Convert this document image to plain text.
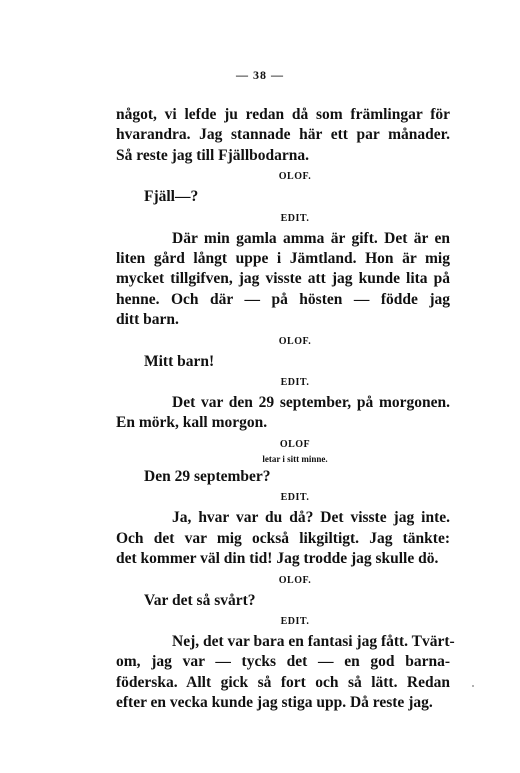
— 38 —
något, vi lefde ju redan då som främlingar för
hvarandra. Jag stannade här ett par månader.
Så reste jag till Fjällbodarna.
OLOF.
Fjäll—?
EDIT.
Där min gamla amma är gift. Det är en
liten gård långt uppe i Jämtland. Hon är mig
mycket tillgifven, jag visste att jag kunde lita på
henne. Och där — på hösten — födde jag
ditt barn.
OLOF.
Mitt barn!
EDIT.
Det var den 29 september, på morgonen.
En mörk, kall morgon.
OLOF
letar i sitt minne.
Den 29 september?
EDIT.
Ja, hvar var du då? Det visste jag inte.
Och det var mig också likgiltigt. Jag tänkte:
det kommer väl din tid! Jag trodde jag skulle dö.
OLOF.
Var det så svårt?
EDIT.
Nej, det var bara en fantasi jag fått. Tvärt-
om, jag var — tycks det — en god barna-
föderska. Allt gick så fort och så lätt. Redan
efter en vecka kunde jag stiga upp. Då reste jag.
